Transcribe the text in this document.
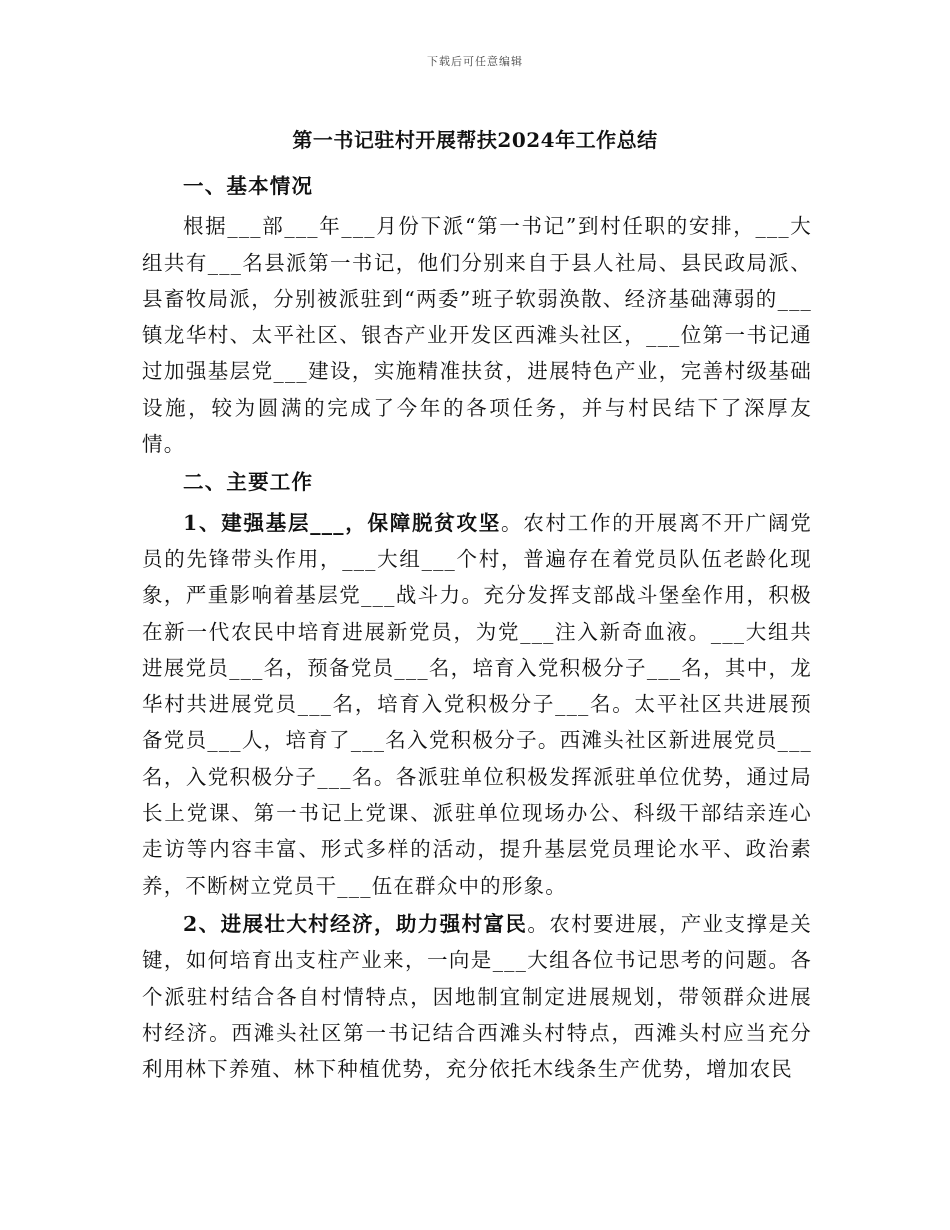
下载后可任意编辑
第一书记驻村开展帮扶2024年工作总结

一、基本情况

根据___部___年___月份下派“第一书记”到村任职的安排，___大组共有___名县派第一书记，他们分别来自于县人社局、县民政局派、县畜牧局派，分别被派驻到“两委”班子软弱涣散、经济基础薄弱的___镇龙华村、太平社区、银杏产业开发区西滩头社区，___位第一书记通过加强基层党___建设，实施精准扶贫，进展特色产业，完善村级基础设施，较为圆满的完成了今年的各项任务，并与村民结下了深厚友情。

二、主要工作

1、建强基层___，保障脱贫攻坚。农村工作的开展离不开广阔党员的先锋带头作用，___大组___个村，普遍存在着党员队伍老龄化现象，严重影响着基层党___战斗力。充分发挥支部战斗堡垒作用，积极在新一代农民中培育进展新党员，为党___注入新奇血液。___大组共进展党员___名，预备党员___名，培育入党积极分子___名，其中，龙华村共进展党员___名，培育入党积极分子___名。太平社区共进展预备党员___人，培育了___名入党积极分子。西滩头社区新进展党员___名，入党积极分子___名。各派驻单位积极发挥派驻单位优势，通过局长上党课、第一书记上党课、派驻单位现场办公、科级干部结亲连心走访等内容丰富、形式多样的活动，提升基层党员理论水平、政治素养，不断树立党员干___伍在群众中的形象。

2、进展壮大村经济，助力强村富民。农村要进展，产业支撑是关键，如何培育出支柱产业来，一向是___大组各位书记思考的问题。各个派驻村结合各自村情特点，因地制宜制定进展规划，带领群众进展村经济。西滩头社区第一书记结合西滩头村特点，西滩头村应当充分利用林下养殖、林下种植优势，充分依托木线条生产优势，增加农民
